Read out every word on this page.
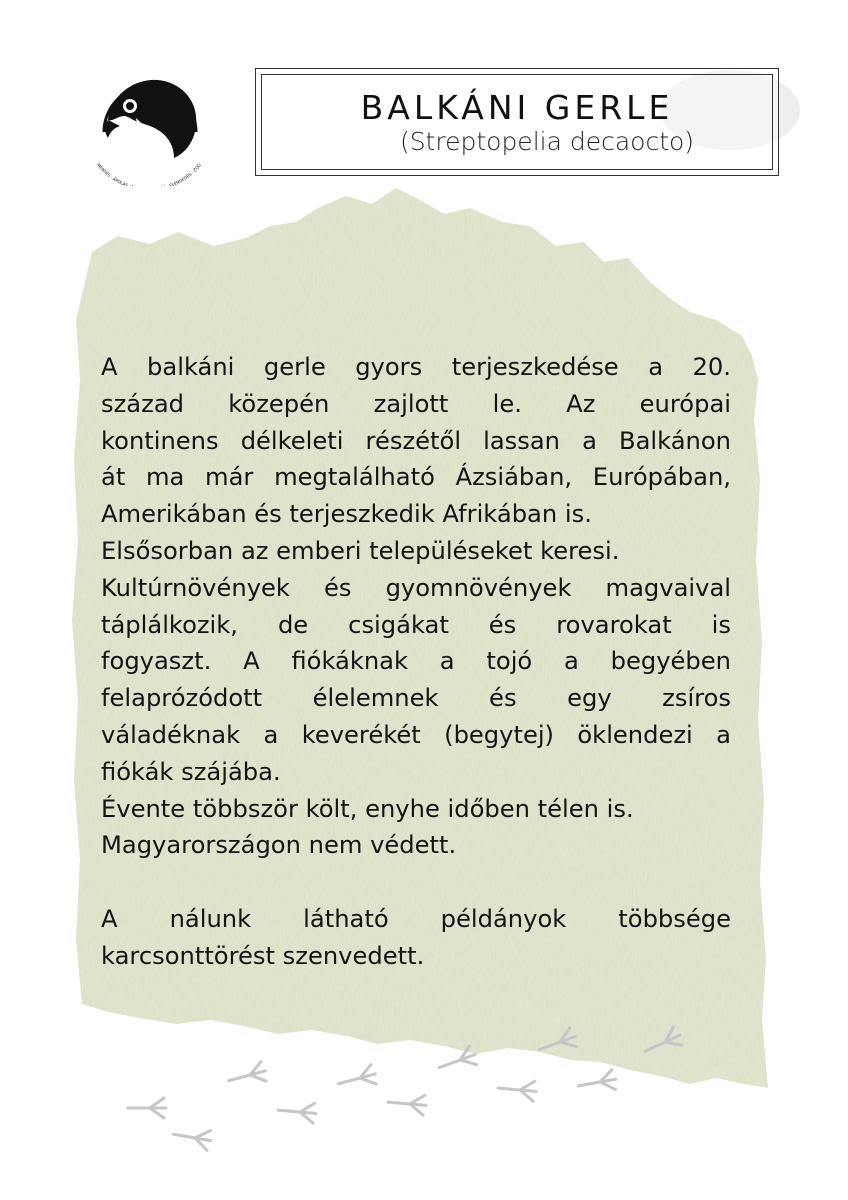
MENTÉS · ÁPOLÁS ELENGEDÉS · ZOO
BALKÁNI GERLE
(Streptopelia decaocto)

A balkáni gerle gyors terjeszkedése a 20.
század közepén zajlott le. Az európai
kontinens délkeleti részétől lassan a Balkánon
át ma már megtalálható Ázsiában, Európában,
Amerikában és terjeszkedik Afrikában is.

Elsősorban az emberi településeket keresi.

Kultúrnövények és gyomnövények magvaival
táplálkozik, de csigákat és rovarokat is
fogyaszt. A fiókáknak a tojó a begyében
felaprózódott élelemnek és egy zsíros
váladéknak a keverékét (begytej) öklendezi a
fiókák szájába.

Évente többször költ, enyhe időben télen is.

Magyarországon nem védett.

A nálunk látható példányok többsége
karcsonttörést szenvedett.
